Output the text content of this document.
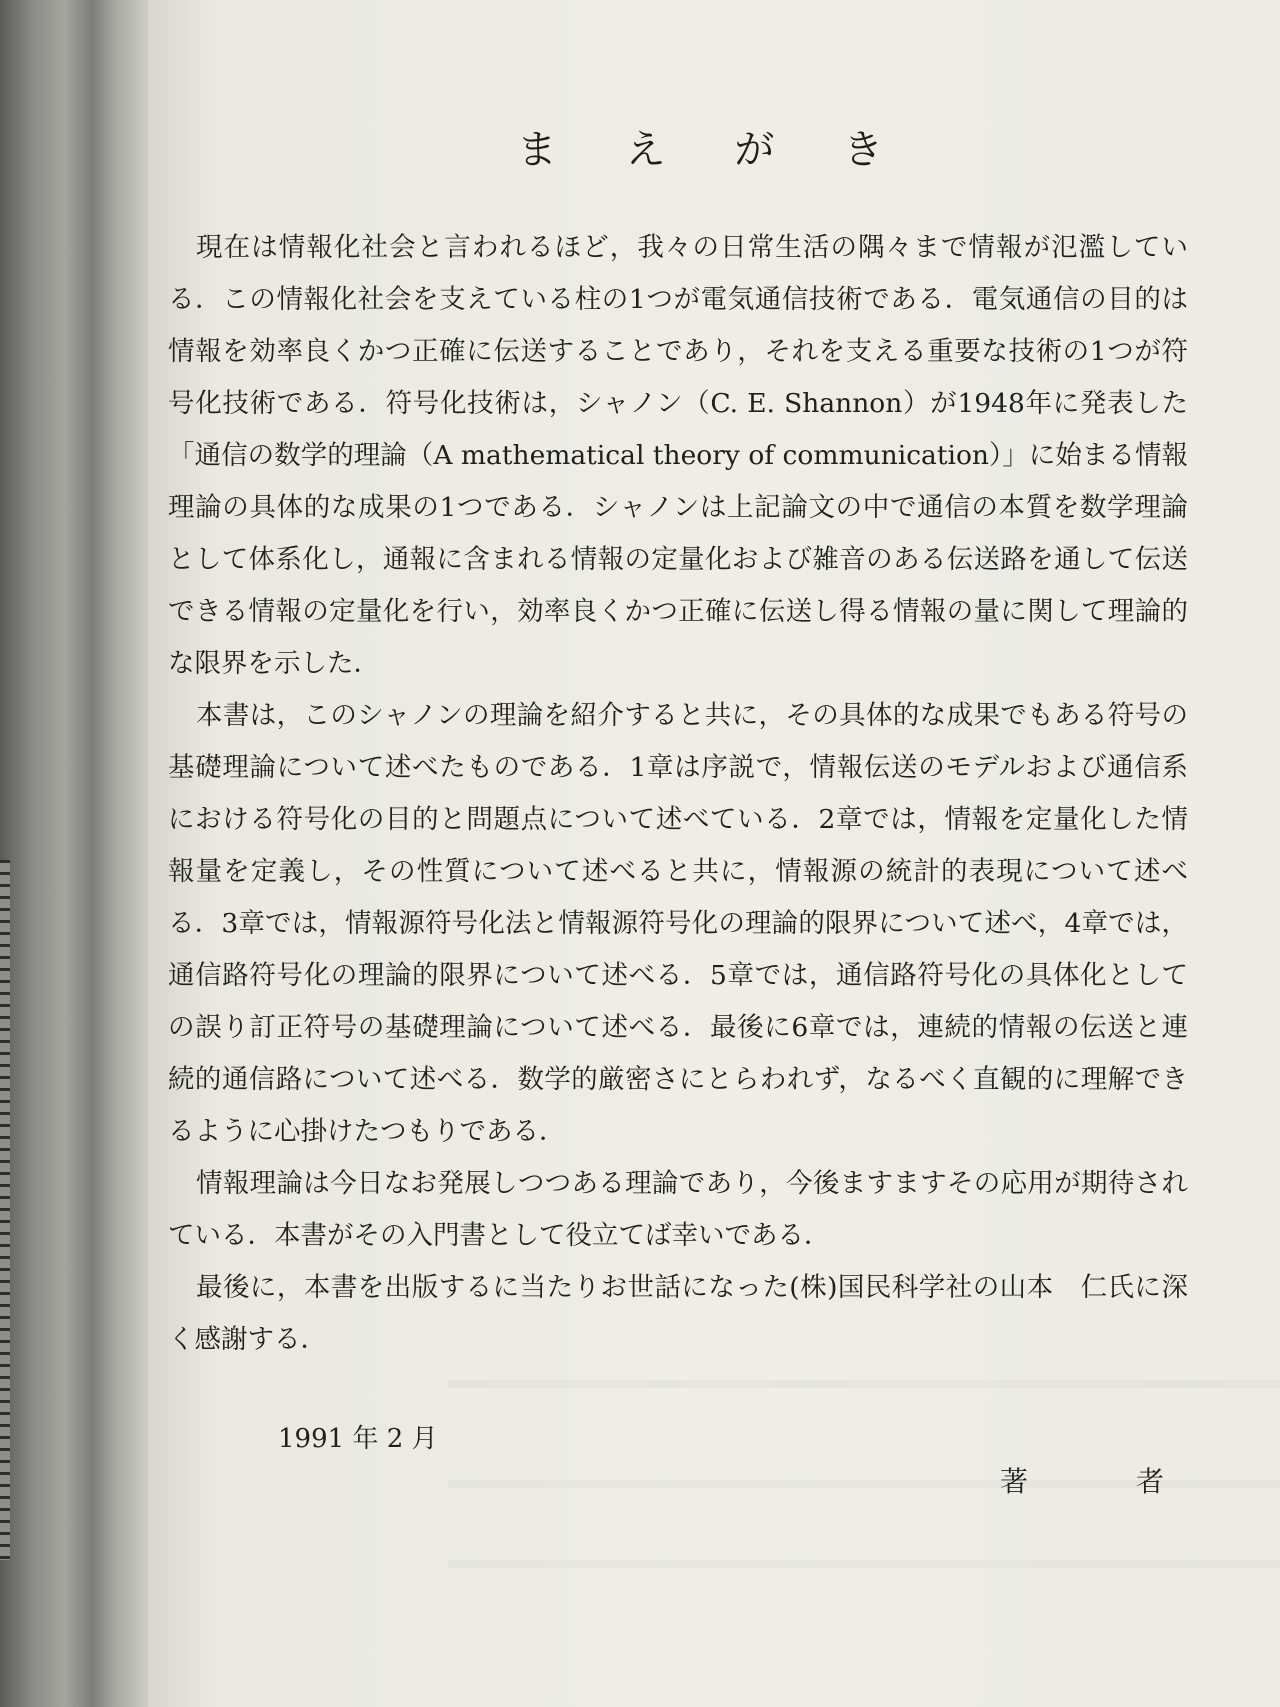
ま え が き

現在は情報化社会と言われるほど，我々の日常生活の隅々まで情報が氾濫している．この情報化社会を支えている柱の1つが電気通信技術である．電気通信の目的は情報を効率良くかつ正確に伝送することであり，それを支える重要な技術の1つが符号化技術である．符号化技術は，シャノン（C. E. Shannon）が1948年に発表した「通信の数学的理論（A mathematical theory of communication）」に始まる情報理論の具体的な成果の1つである．シャノンは上記論文の中で通信の本質を数学理論として体系化し，通報に含まれる情報の定量化および雑音のある伝送路を通して伝送できる情報の定量化を行い，効率良くかつ正確に伝送し得る情報の量に関して理論的な限界を示した．

本書は，このシャノンの理論を紹介すると共に，その具体的な成果でもある符号の基礎理論について述べたものである．1章は序説で，情報伝送のモデルおよび通信系における符号化の目的と問題点について述べている．2章では，情報を定量化した情報量を定義し，その性質について述べると共に，情報源の統計的表現について述べる．3章では，情報源符号化法と情報源符号化の理論的限界について述べ，4章では，通信路符号化の理論的限界について述べる．5章では，通信路符号化の具体化としての誤り訂正符号の基礎理論について述べる．最後に6章では，連続的情報の伝送と連続的通信路について述べる．数学的厳密さにとらわれず，なるべく直観的に理解できるように心掛けたつもりである．

情報理論は今日なお発展しつつある理論であり，今後ますますその応用が期待されている．本書がその入門書として役立てば幸いである．

最後に，本書を出版するに当たりお世話になった(株)国民科学社の山本　仁氏に深く感謝する．

1991 年 2 月

著　者
